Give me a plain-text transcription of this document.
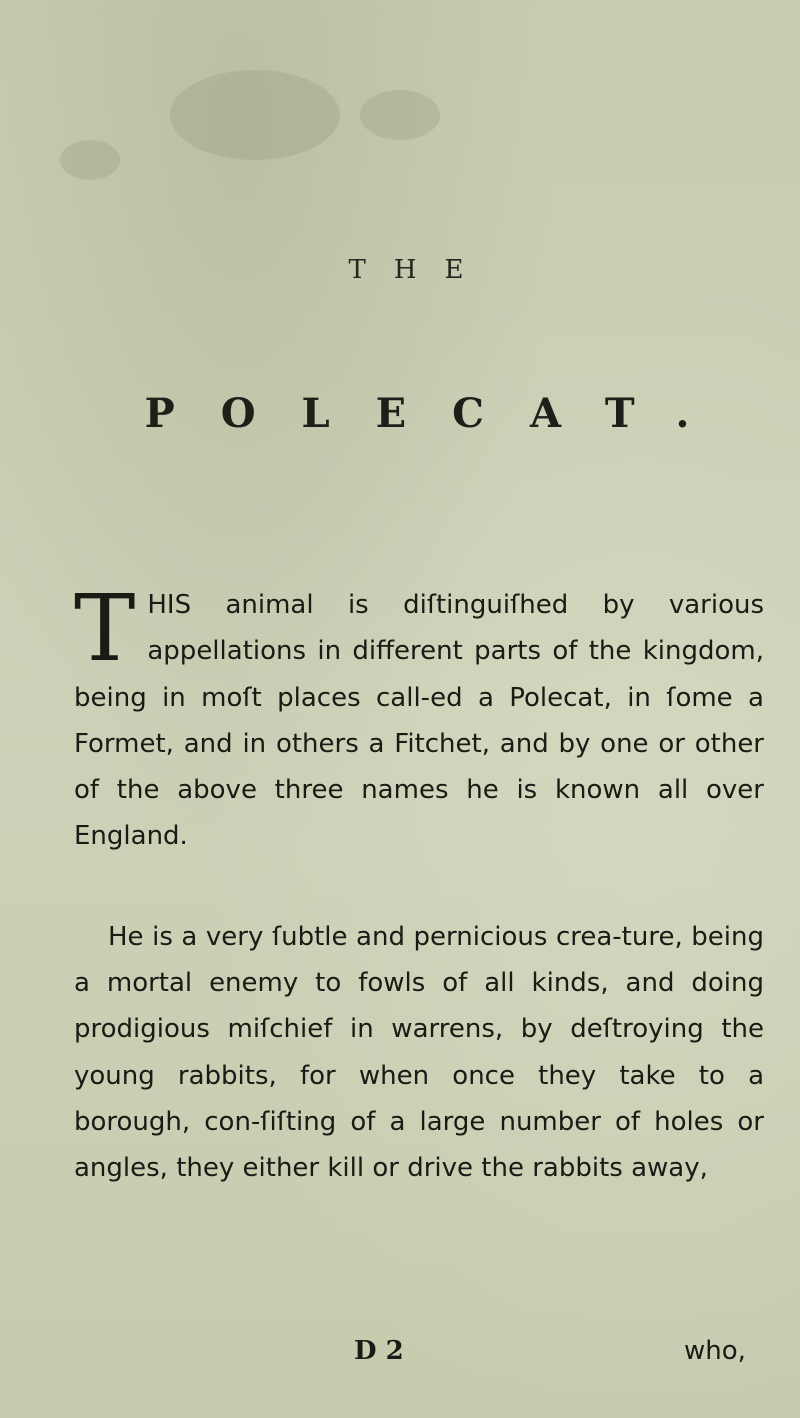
THE
POLECAT.

T HIS animal is diſtinguiſhed by various appellations in different parts of the kingdom, being in moſt places call-ed a Polecat, in ſome a Formet, and in others a Fitchet, and by one or other of the above three names he is known all over England.

He is a very ſubtle and pernicious crea-ture, being a mortal enemy to fowls of all kinds, and doing prodigious miſchief in warrens, by deſtroying the young rabbits, for when once they take to a borough, con-ſiſting of a large number of holes or angles, they either kill or drive the rabbits away,

D 2	who,
